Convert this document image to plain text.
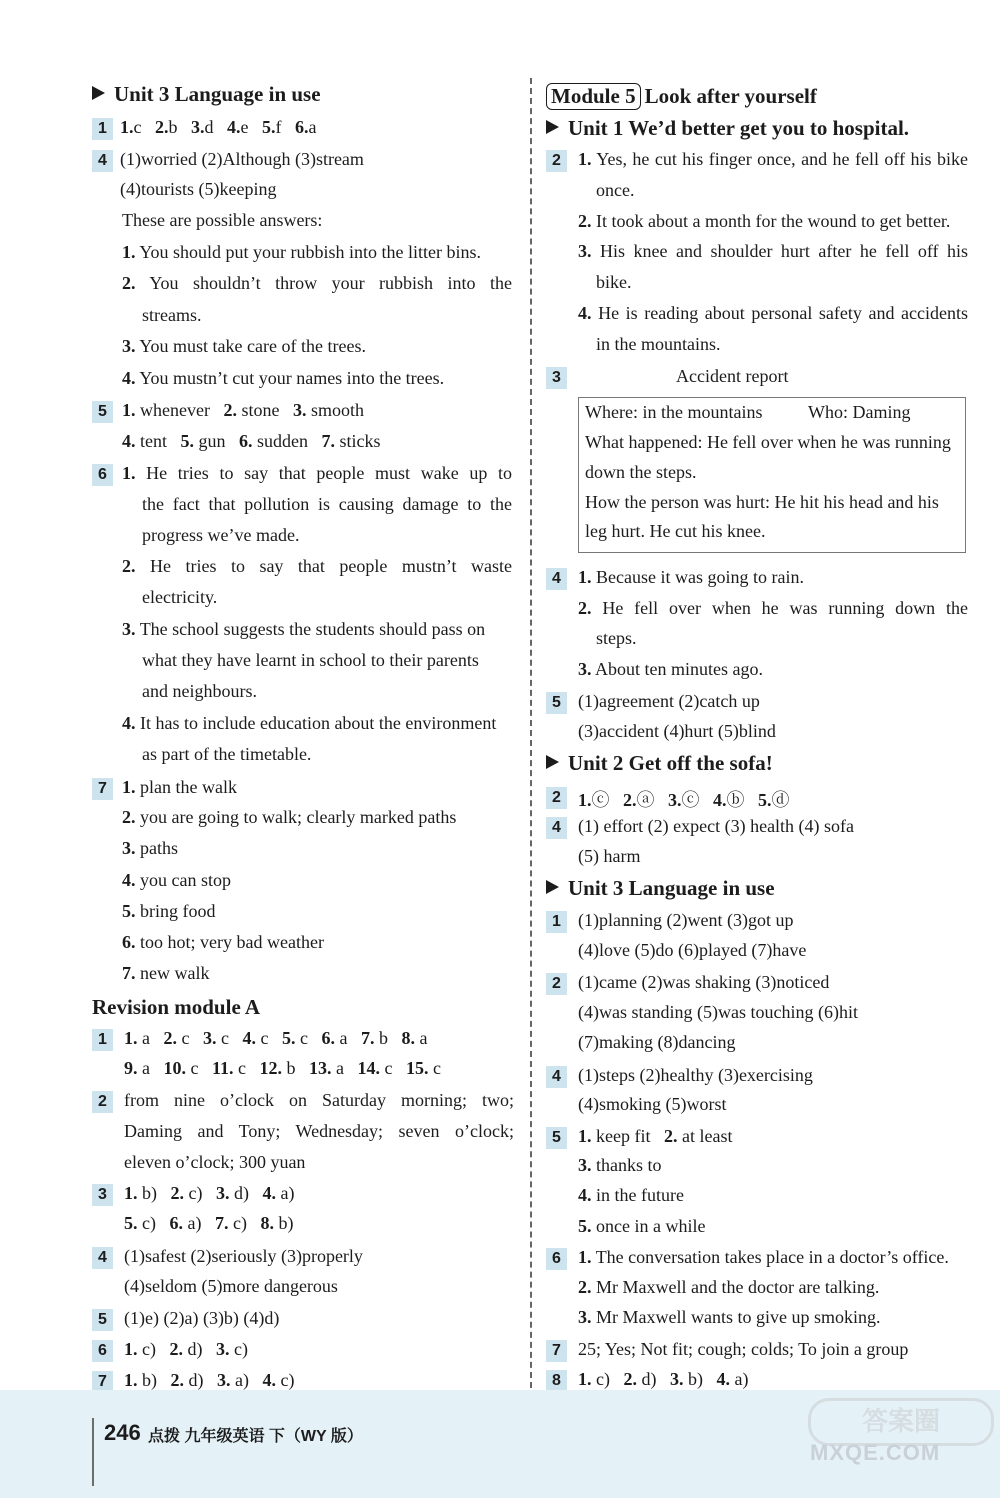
Unit 3 Language in use
1 1.c 2.b 3.d 4.e 5.f 6.a
4 (1)worried (2)Although (3)stream
(4)tourists (5)keeping
These are possible answers:
1. You should put your rubbish into the litter bins.
2. You shouldn’t throw your rubbish into the
streams.
3. You must take care of the trees.
4. You mustn’t cut your names into the trees.
5 1. whenever 2. stone 3. smooth
4. tent 5. gun 6. sudden 7. sticks
6 1. He tries to say that people must wake up to
the fact that pollution is causing damage to the
progress we’ve made.
2. He tries to say that people mustn’t waste
electricity.
3. The school suggests the students should pass on
what they have learnt in school to their parents
and neighbours.
4. It has to include education about the environment
as part of the timetable.
7 1. plan the walk
2. you are going to walk; clearly marked paths
3. paths
4. you can stop
5. bring food
6. too hot; very bad weather
7. new walk
Revision module A
1 1. a 2. c 3. c 4. c 5. c 6. a 7. b 8. a
9. a 10. c 11. c 12. b 13. a 14. c 15. c
2 from nine o’clock on Saturday morning; two;
Daming and Tony; Wednesday; seven o’clock;
eleven o’clock; 300 yuan
3 1. b) 2. c) 3. d) 4. a)
5. c) 6. a) 7. c) 8. b)
4 (1)safest (2)seriously (3)properly
(4)seldom (5)more dangerous
5 (1)e) (2)a) (3)b) (4)d)
6 1. c) 2. d) 3. c)
7 1. b) 2. d) 3. a) 4. c)
Module 5 Look after yourself
Unit 1 We’d better get you to hospital.
2 1. Yes, he cut his finger once, and he fell off his bike
once.
2. It took about a month for the wound to get better.
3. His knee and shoulder hurt after he fell off his
bike.
4. He is reading about personal safety and accidents
in the mountains.
3	Accident report
Where: in the mountains	Who: Daming
What happened: He fell over when he was running
down the steps.
How the person was hurt: He hit his head and his
leg hurt. He cut his knee.
4 1. Because it was going to rain.
2. He fell over when he was running down the
steps.
3. About ten minutes ago.
5 (1)agreement (2)catch up
(3)accident (4)hurt (5)blind
Unit 2 Get off the sofa!
2 1.ⓒ 2.ⓐ 3.ⓒ 4.ⓑ 5.ⓓ
4 (1) effort (2) expect (3) health (4) sofa
(5) harm
Unit 3 Language in use
1 (1)planning (2)went (3)got up
(4)love (5)do (6)played (7)have
2 (1)came (2)was shaking (3)noticed
(4)was standing (5)was touching (6)hit
(7)making (8)dancing
4 (1)steps (2)healthy (3)exercising
(4)smoking (5)worst
5 1. keep fit 2. at least
3. thanks to
4. in the future
5. once in a while
6 1. The conversation takes place in a doctor’s office.
2. Mr Maxwell and the doctor are talking.
3. Mr Maxwell wants to give up smoking.
7 25; Yes; Not fit; cough; colds; To join a group
8 1. c) 2. d) 3. b) 4. a)
246 点拨 九年级英语 下（WY 版）
答案圈
MXQE.COM
